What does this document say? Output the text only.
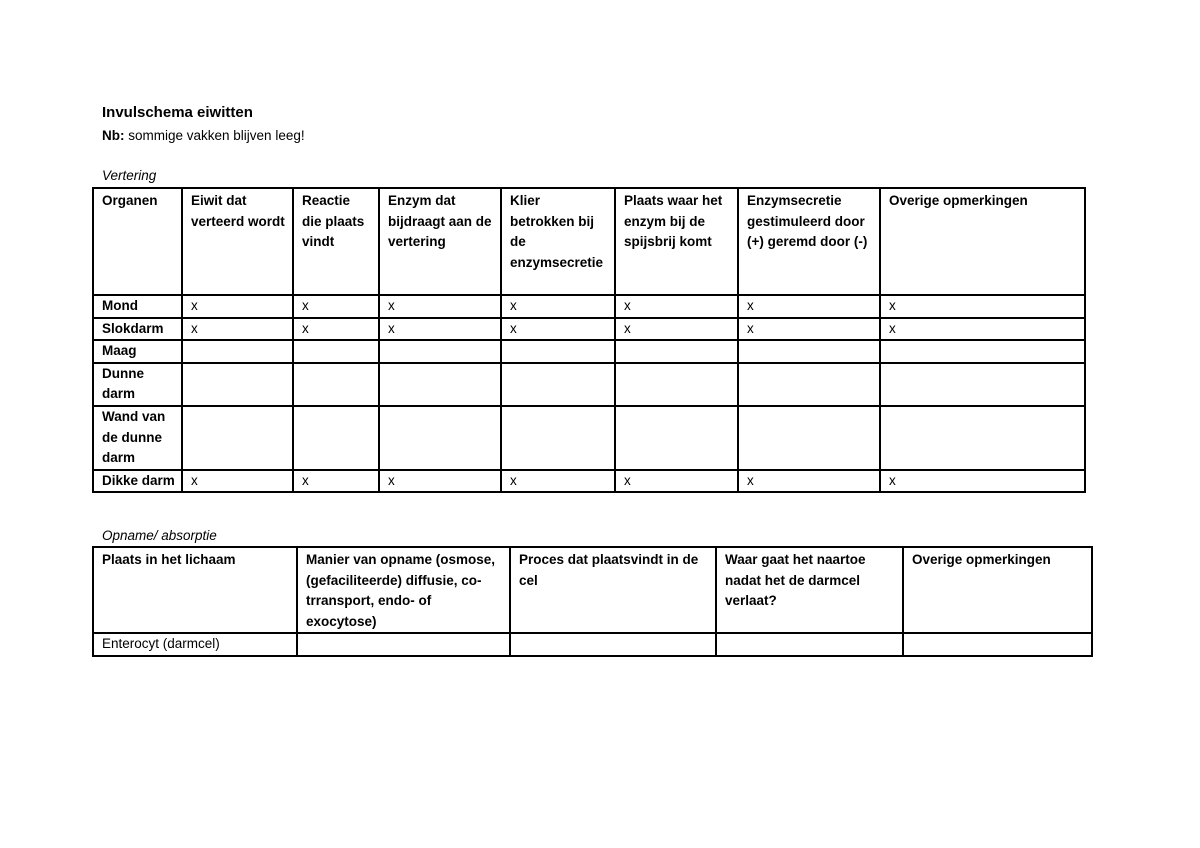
Invulschema eiwitten
Nb: sommige vakken blijven leeg!
Vertering
Organen	Eiwit dat verteerd wordt	Reactie die plaats vindt	Enzym dat bijdraagt aan de vertering	Klier betrokken bij de enzymsecretie	Plaats waar het enzym bij de spijsbrij komt	Enzymsecretie gestimuleerd door (+) geremd door (-)	Overige opmerkingen
Mond	x	x	x	x	x	x	x
Slokdarm	x	x	x	x	x	x	x
Maag							
Dunne darm							
Wand van de dunne darm							
Dikke darm	x	x	x	x	x	x	x
Opname/ absorptie
Plaats in het lichaam	Manier van opname (osmose, (gefaciliteerde) diffusie, co-trransport, endo- of exocytose)	Proces dat plaatsvindt in de cel	Waar gaat het naartoe nadat het de darmcel verlaat?	Overige opmerkingen
Enterocyt (darmcel)				
